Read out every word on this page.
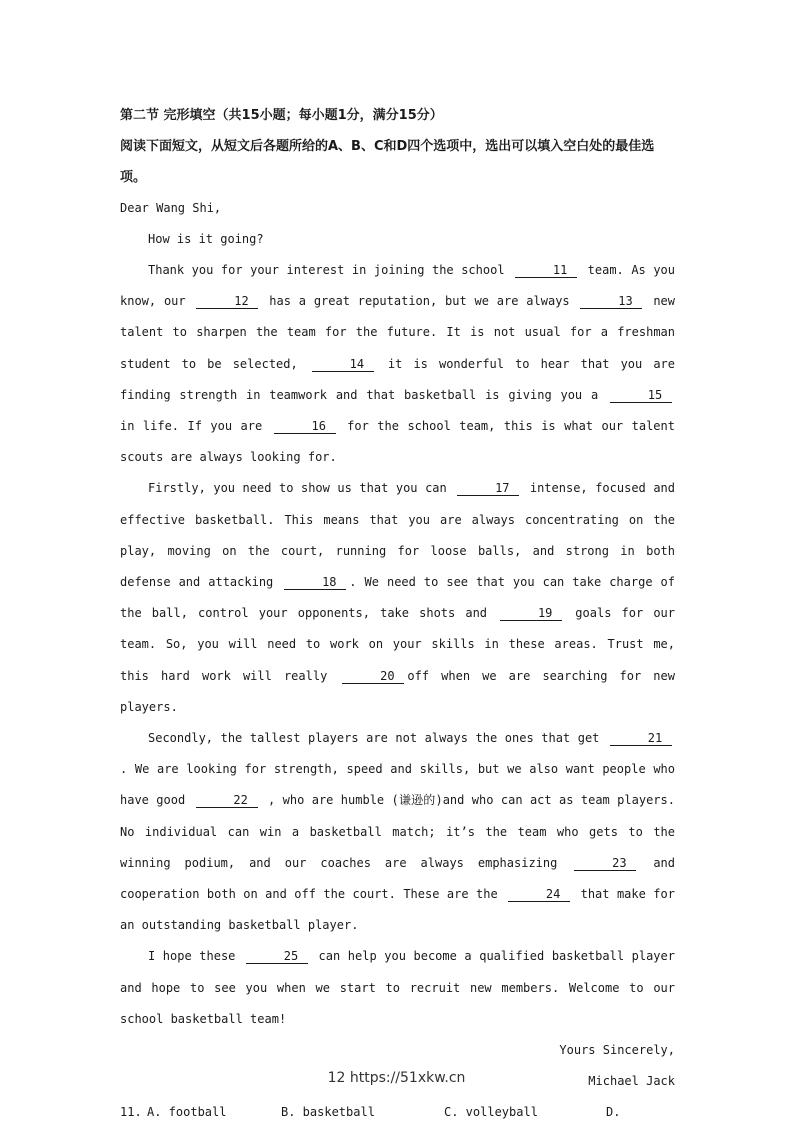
第二节 完形填空（共15小题；每小题1分，满分15分）

阅读下面短文，从短文后各题所给的A、B、C和D四个选项中，选出可以填入空白处的最佳选项。

Dear Wang Shi,

How is it going?

Thank you for your interest in joining the school	11 team. As you know, our	12 has a great reputation, but we are always	13 new talent to sharpen the team for the future. It is not usual for a freshman student to be selected,	14 it is wonderful to hear that you are finding strength in teamwork and that basketball is giving you a	15 in life. If you are	16 for the school team, this is what our talent scouts are always looking for.

Firstly, you need to show us that you can	17 intense, focused and effective basketball. This means that you are always concentrating on the play, moving on the court, running for loose balls, and strong in both defense and attacking	18 . We need to see that you can take charge of the ball, control your opponents, take shots and	19 goals for our team. So, you will need to work on your skills in these areas. Trust me, this hard work will really	20 off when we are searching for new players.

Secondly, the tallest players are not always the ones that get	21. We are looking for strength, speed and skills, but we also want people who have good	22 , who are humble (谦逊的)and who can act as team players. No individual can win a basketball match; it’s the team who gets to the winning podium, and our coaches are always emphasizing	23 and cooperation both on and off the court. These are the	24 that make for an outstanding basketball player.

I hope these	25 can help you become a qualified basketball player and hope to see you when we start to recruit new members. Welcome to our school basketball team!

Yours Sincerely,

Michael Jack

11. A. football	B. basketball	C. volleyball	D.

12 https://51xkw.cn
